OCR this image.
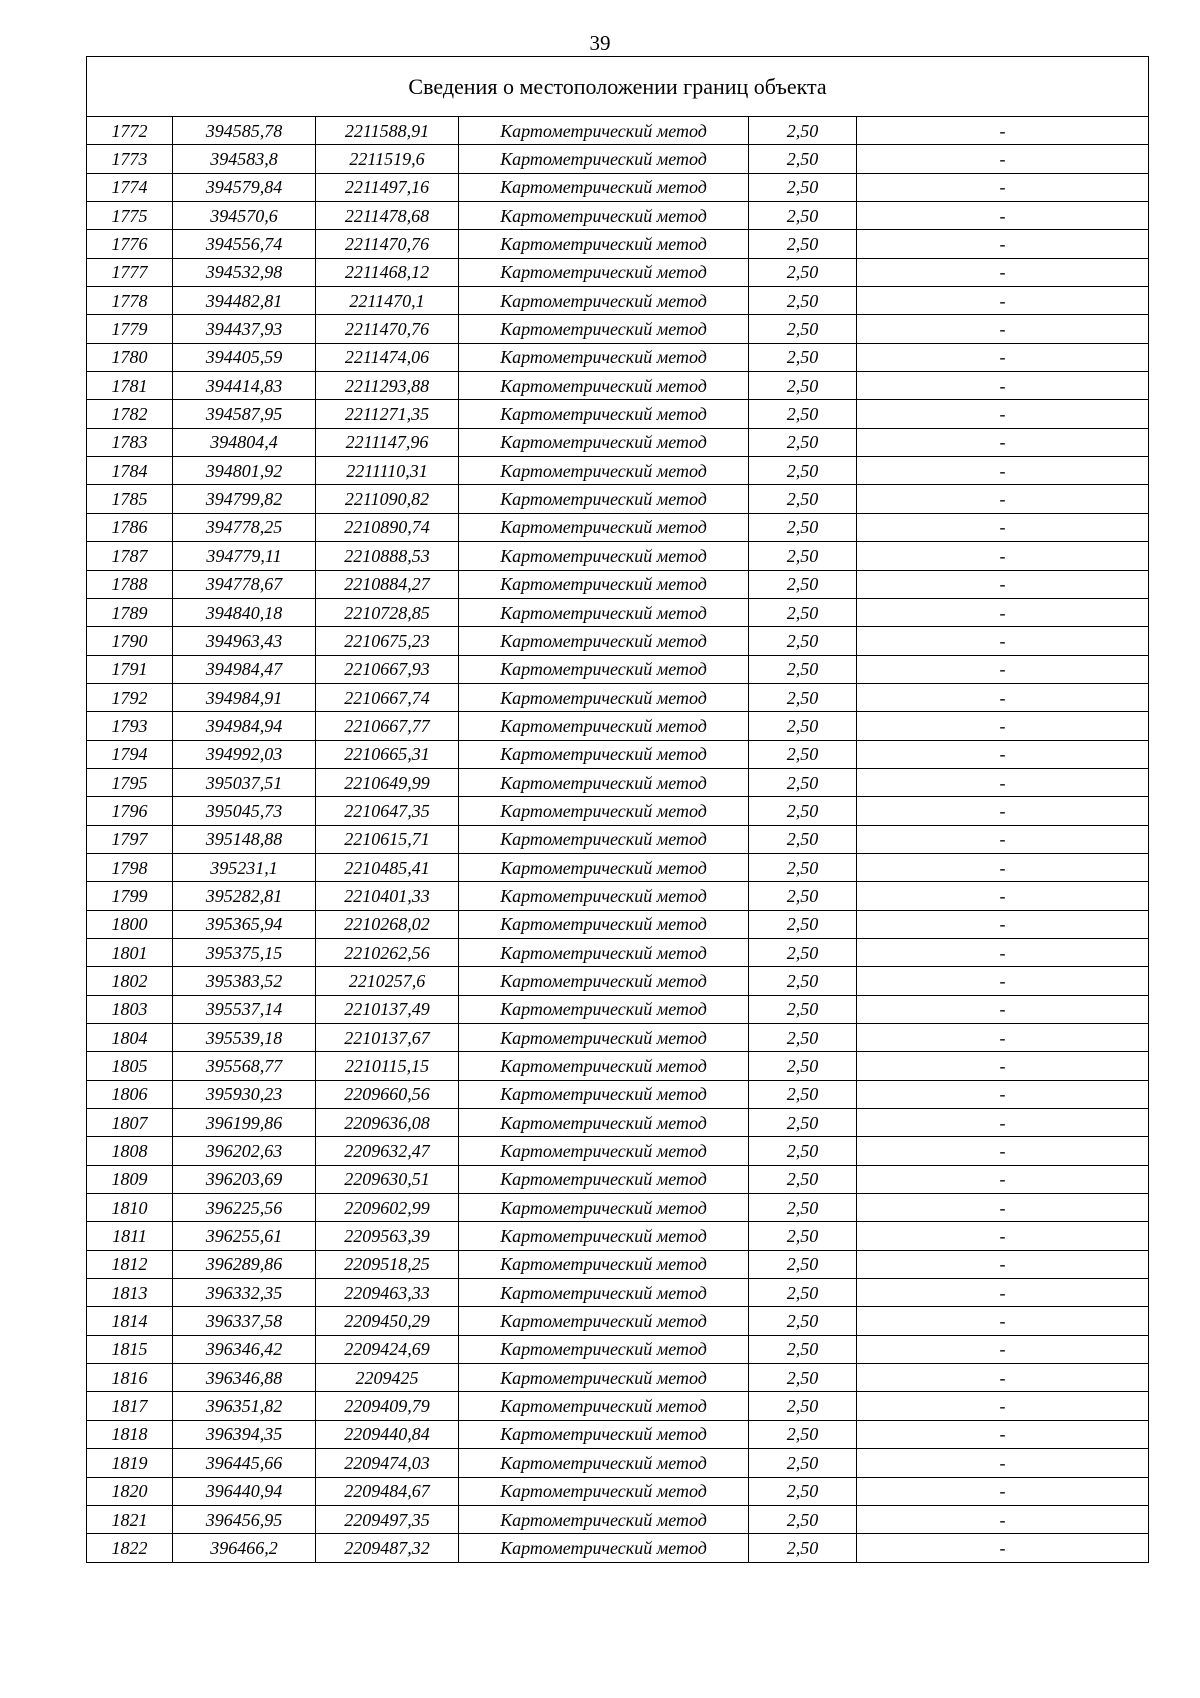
39
Сведения о местоположении границ объекта					
1772	394585,78	2211588,91	Картометрический метод	2,50	-
1773	394583,8	2211519,6	Картометрический метод	2,50	-
1774	394579,84	2211497,16	Картометрический метод	2,50	-
1775	394570,6	2211478,68	Картометрический метод	2,50	-
1776	394556,74	2211470,76	Картометрический метод	2,50	-
1777	394532,98	2211468,12	Картометрический метод	2,50	-
1778	394482,81	2211470,1	Картометрический метод	2,50	-
1779	394437,93	2211470,76	Картометрический метод	2,50	-
1780	394405,59	2211474,06	Картометрический метод	2,50	-
1781	394414,83	2211293,88	Картометрический метод	2,50	-
1782	394587,95	2211271,35	Картометрический метод	2,50	-
1783	394804,4	2211147,96	Картометрический метод	2,50	-
1784	394801,92	2211110,31	Картометрический метод	2,50	-
1785	394799,82	2211090,82	Картометрический метод	2,50	-
1786	394778,25	2210890,74	Картометрический метод	2,50	-
1787	394779,11	2210888,53	Картометрический метод	2,50	-
1788	394778,67	2210884,27	Картометрический метод	2,50	-
1789	394840,18	2210728,85	Картометрический метод	2,50	-
1790	394963,43	2210675,23	Картометрический метод	2,50	-
1791	394984,47	2210667,93	Картометрический метод	2,50	-
1792	394984,91	2210667,74	Картометрический метод	2,50	-
1793	394984,94	2210667,77	Картометрический метод	2,50	-
1794	394992,03	2210665,31	Картометрический метод	2,50	-
1795	395037,51	2210649,99	Картометрический метод	2,50	-
1796	395045,73	2210647,35	Картометрический метод	2,50	-
1797	395148,88	2210615,71	Картометрический метод	2,50	-
1798	395231,1	2210485,41	Картометрический метод	2,50	-
1799	395282,81	2210401,33	Картометрический метод	2,50	-
1800	395365,94	2210268,02	Картометрический метод	2,50	-
1801	395375,15	2210262,56	Картометрический метод	2,50	-
1802	395383,52	2210257,6	Картометрический метод	2,50	-
1803	395537,14	2210137,49	Картометрический метод	2,50	-
1804	395539,18	2210137,67	Картометрический метод	2,50	-
1805	395568,77	2210115,15	Картометрический метод	2,50	-
1806	395930,23	2209660,56	Картометрический метод	2,50	-
1807	396199,86	2209636,08	Картометрический метод	2,50	-
1808	396202,63	2209632,47	Картометрический метод	2,50	-
1809	396203,69	2209630,51	Картометрический метод	2,50	-
1810	396225,56	2209602,99	Картометрический метод	2,50	-
1811	396255,61	2209563,39	Картометрический метод	2,50	-
1812	396289,86	2209518,25	Картометрический метод	2,50	-
1813	396332,35	2209463,33	Картометрический метод	2,50	-
1814	396337,58	2209450,29	Картометрический метод	2,50	-
1815	396346,42	2209424,69	Картометрический метод	2,50	-
1816	396346,88	2209425	Картометрический метод	2,50	-
1817	396351,82	2209409,79	Картометрический метод	2,50	-
1818	396394,35	2209440,84	Картометрический метод	2,50	-
1819	396445,66	2209474,03	Картометрический метод	2,50	-
1820	396440,94	2209484,67	Картометрический метод	2,50	-
1821	396456,95	2209497,35	Картометрический метод	2,50	-
1822	396466,2	2209487,32	Картометрический метод	2,50	-
